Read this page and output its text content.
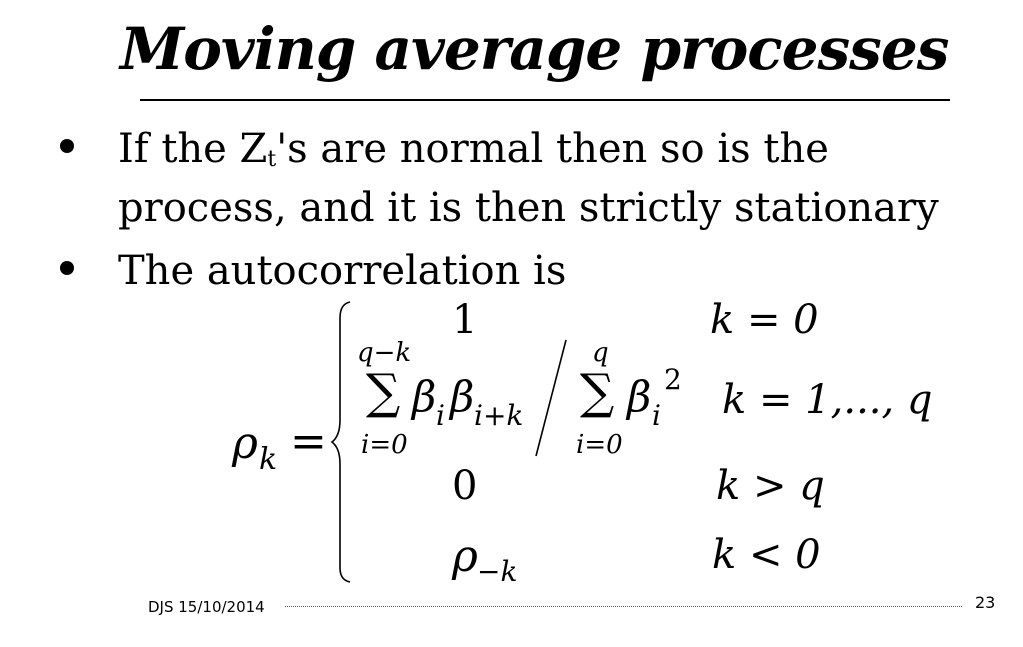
Moving average processes
If the Zt's are normal then so is the
process, and it is then strictly stationary
The autocorrelation is
ρ k =
1	k = 0
q−k
∑
i=0
β i β i+k
q
∑
i=0
β i
2 k = 1,..., q
0	k > q
ρ −k	k < 0
DJS 15/10/2014	23
